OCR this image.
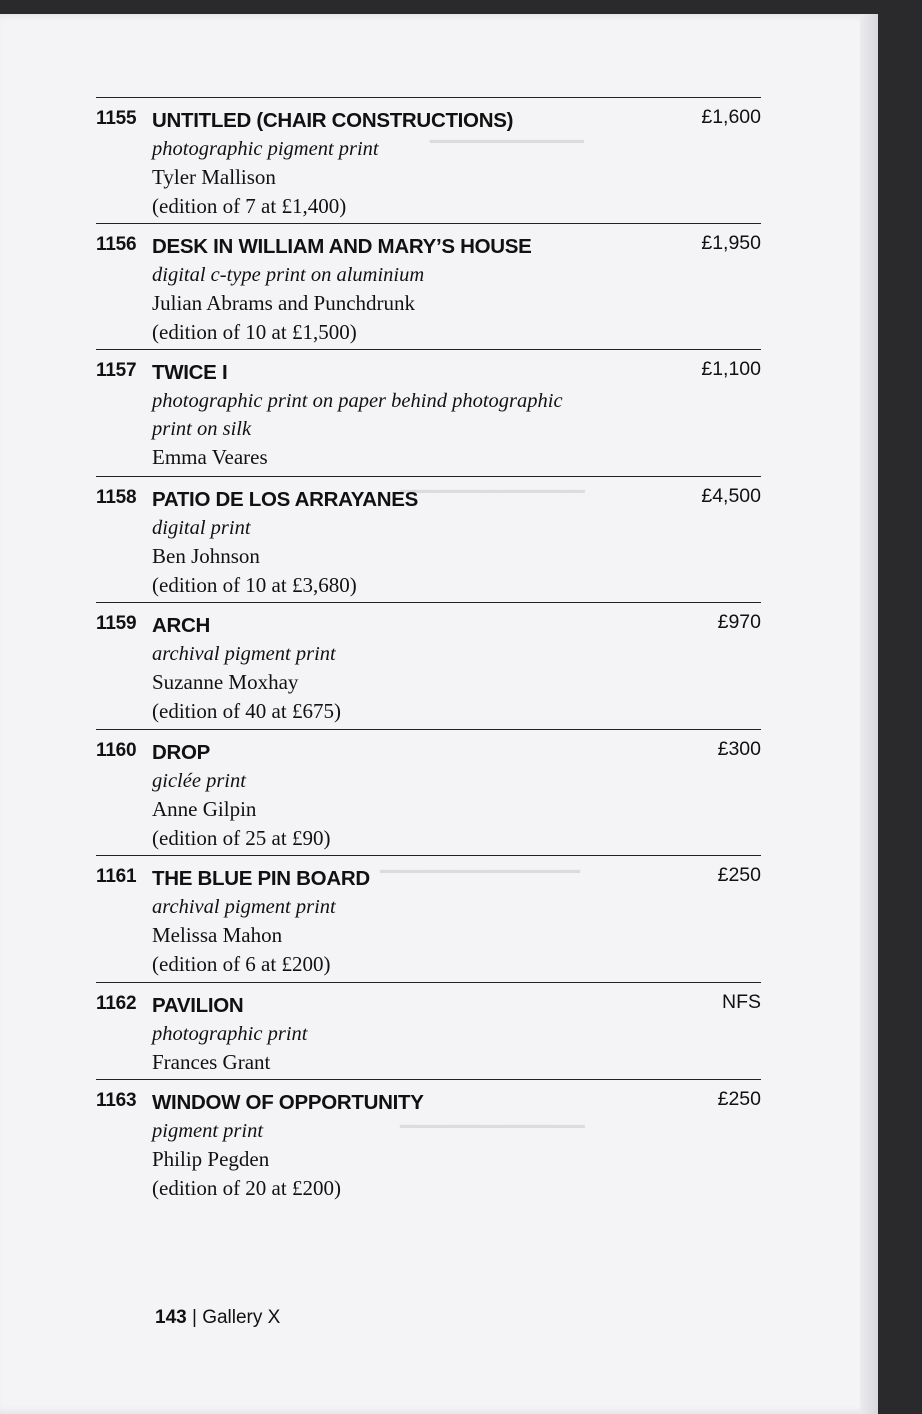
▁▁▁▁▁▁▁▁▁▁
▁▁▁▁▁▁▁▁▁▁▁▁
▁▁▁▁▁▁▁▁▁▁▁▁▁
▁▁▁▁▁▁▁▁▁▁▁▁
1155 UNTITLED (CHAIR CONSTRUCTIONS)	£1,600
photographic pigment print
Tyler Mallison
(edition of 7 at £1,400)
1156 DESK IN WILLIAM AND MARY’S HOUSE	£1,950
digital c-type print on aluminium
Julian Abrams and Punchdrunk
(edition of 10 at £1,500)
1157 TWICE I	£1,100
photographic print on paper behind photographic
print on silk
Emma Veares
1158 PATIO DE LOS ARRAYANES	£4,500
digital print
Ben Johnson
(edition of 10 at £3,680)
1159 ARCH	£970
archival pigment print
Suzanne Moxhay
(edition of 40 at £675)
1160 DROP	£300
giclée print
Anne Gilpin
(edition of 25 at £90)
1161 THE BLUE PIN BOARD	£250
archival pigment print
Melissa Mahon
(edition of 6 at £200)
1162 PAVILION	NFS
photographic print
Frances Grant
1163 WINDOW OF OPPORTUNITY	£250
pigment print
Philip Pegden
(edition of 20 at £200)
143 | Gallery X
